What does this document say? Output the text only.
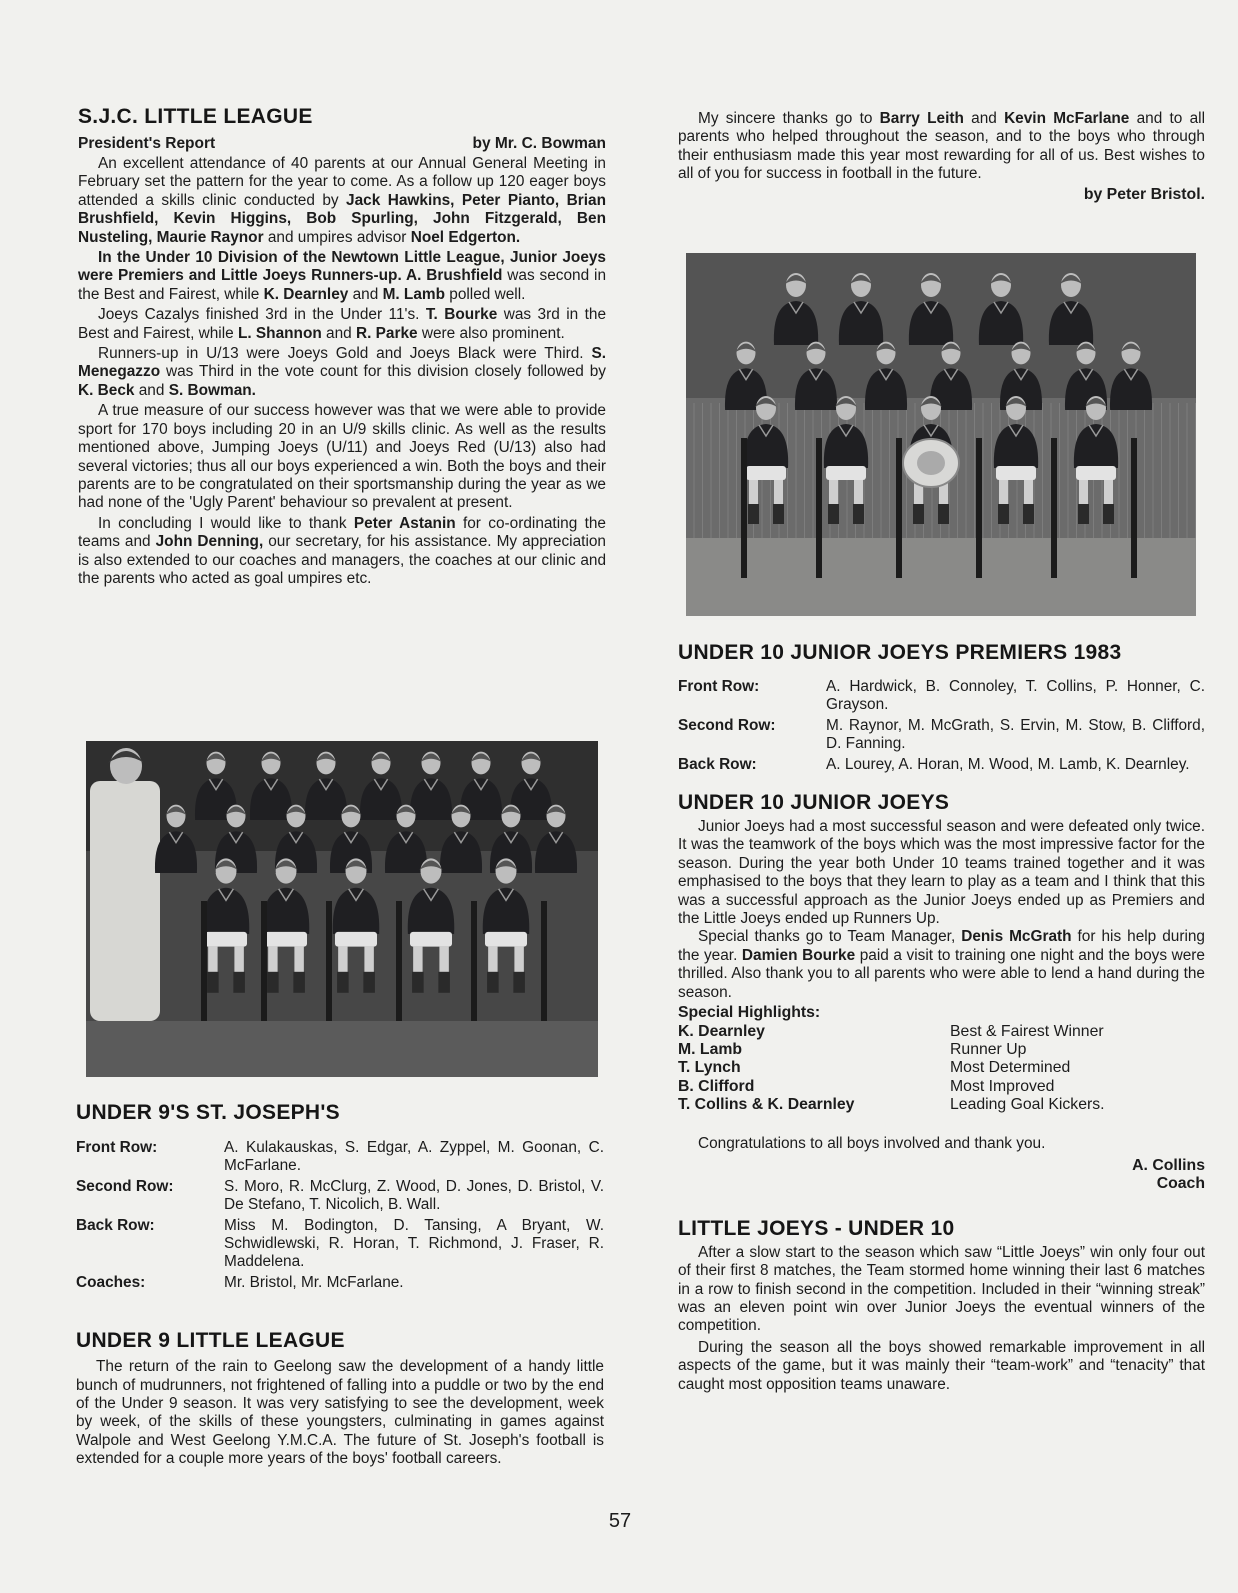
S.J.C. LITTLE LEAGUE
President's Report	by Mr. C. Bowman

An excellent attendance of 40 parents at our Annual General Meeting in February set the pattern for the year to come. As a follow up 120 eager boys attended a skills clinic conducted by Jack Hawkins, Peter Pianto, Brian Brushfield, Kevin Higgins, Bob Spurling, John Fitzgerald, Ben Nusteling, Maurie Raynor and umpires advisor Noel Edgerton.

In the Under 10 Division of the Newtown Little League, Junior Joeys were Premiers and Little Joeys Runners-up. A. Brushfield was second in the Best and Fairest, while K. Dearnley and M. Lamb polled well.

Joeys Cazalys finished 3rd in the Under 11's. T. Bourke was 3rd in the Best and Fairest, while L. Shannon and R. Parke were also prominent.

Runners-up in U/13 were Joeys Gold and Joeys Black were Third. S. Menegazzo was Third in the vote count for this division closely followed by K. Beck and S. Bowman.

A true measure of our success however was that we were able to provide sport for 170 boys including 20 in an U/9 skills clinic. As well as the results mentioned above, Jumping Joeys (U/11) and Joeys Red (U/13) also had several victories; thus all our boys experienced a win. Both the boys and their parents are to be congratulated on their sportsmanship during the year as we had none of the 'Ugly Parent' behaviour so prevalent at present.

In concluding I would like to thank Peter Astanin for co-ordinating the teams and John Denning, our secretary, for his assistance. My appreciation is also extended to our coaches and managers, the coaches at our clinic and the parents who acted as goal umpires etc.

UNDER 9'S ST. JOSEPH'S
Front Row:	A. Kulakauskas, S. Edgar, A. Zyppel, M. Goonan, C. McFarlane.
Second Row:	S. Moro, R. McClurg, Z. Wood, D. Jones, D. Bristol, V. De Stefano, T. Nicolich, B. Wall.
Back Row:	Miss M. Bodington, D. Tansing, A Bryant, W. Schwidlewski, R. Horan, T. Richmond, J. Fraser, R. Maddelena.
Coaches:	Mr. Bristol, Mr. McFarlane.
UNDER 9 LITTLE LEAGUE

The return of the rain to Geelong saw the development of a handy little bunch of mudrunners, not frightened of falling into a puddle or two by the end of the Under 9 season. It was very satisfying to see the development, week by week, of the skills of these youngsters, culminating in games against Walpole and West Geelong Y.M.C.A. The future of St. Joseph's football is extended for a couple more years of the boys' football careers.

My sincere thanks go to Barry Leith and Kevin McFarlane and to all parents who helped throughout the season, and to the boys who through their enthusiasm made this year most rewarding for all of us. Best wishes to all of you for success in football in the future.

by Peter Bristol.
UNDER 10 JUNIOR JOEYS PREMIERS 1983
Front Row:	A. Hardwick, B. Connoley, T. Collins, P. Honner, C. Grayson.
Second Row:	M. Raynor, M. McGrath, S. Ervin, M. Stow, B. Clifford, D. Fanning.
Back Row:	A. Lourey, A. Horan, M. Wood, M. Lamb, K. Dearnley.
UNDER 10 JUNIOR JOEYS

Junior Joeys had a most successful season and were defeated only twice. It was the teamwork of the boys which was the most impressive factor for the season. During the year both Under 10 teams trained together and it was emphasised to the boys that they learn to play as a team and I think that this was a successful approach as the Junior Joeys ended up as Premiers and the Little Joeys ended up Runners Up.

Special thanks go to Team Manager, Denis McGrath for his help during the year. Damien Bourke paid a visit to training one night and the boys were thrilled. Also thank you to all parents who were able to lend a hand during the season.

Special Highlights:
K. Dearnley	Best & Fairest Winner
M. Lamb	Runner Up
T. Lynch	Most Determined
B. Clifford	Most Improved
T. Collins & K. Dearnley	Leading Goal Kickers.

Congratulations to all boys involved and thank you.

A. Collins
Coach
LITTLE JOEYS - UNDER 10

After a slow start to the season which saw “Little Joeys” win only four out of their first 8 matches, the Team stormed home winning their last 6 matches in a row to finish second in the competition. Included in their “winning streak” was an eleven point win over Junior Joeys the eventual winners of the competition.

During the season all the boys showed remarkable improvement in all aspects of the game, but it was mainly their “team-work” and “tenacity” that caught most opposition teams unaware.

57
